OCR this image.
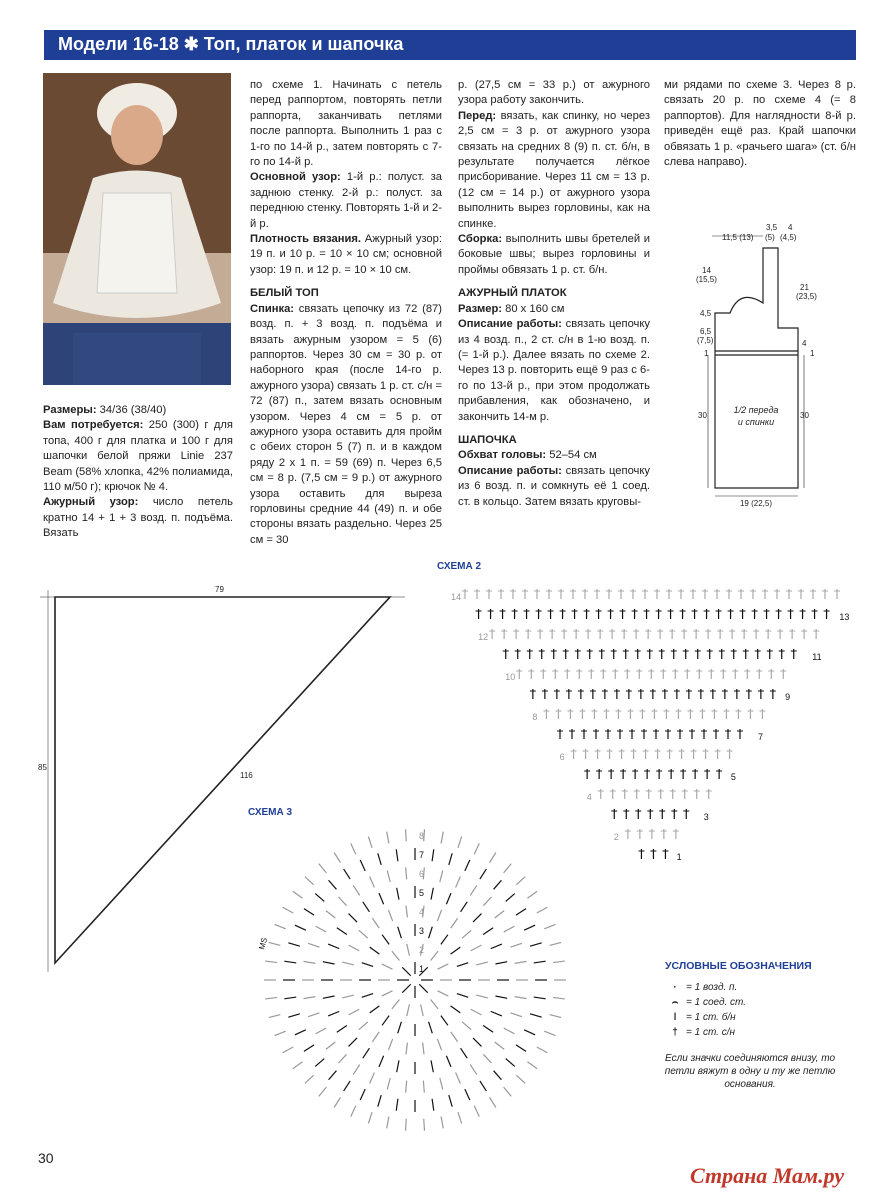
Модели 16-18 ✱ Топ, платок и шапочка

Размеры: 34/36 (38/40)

Вам потребуется: 250 (300) г для топа, 400 г для платка и 100 г для шапочки белой пряжи Linie 237 Beam (58% хлопка, 42% полиамида, 110 м/50 г); крючок № 4.

Ажурный узор: число петель кратно 14 + 1 + 3 возд. п. подъёма. Вязать

по схеме 1. Начинать с петель перед раппортом, повторять петли раппорта, заканчивать петлями после раппорта. Выполнить 1 раз с 1-го по 14-й р., затем повторять с 7-го по 14-й р.

Основной узор: 1-й р.: полуст. за заднюю стенку. 2-й р.: полуст. за переднюю стенку. Повторять 1-й и 2-й р.

Плотность вязания. Ажурный узор: 19 п. и 10 р. = 10 × 10 см; основной узор: 19 п. и 12 р. = 10 × 10 см.

БЕЛЫЙ ТОП

Спинка: связать цепочку из 72 (87) возд. п. + 3 возд. п. подъёма и вязать ажурным узором = 5 (6) раппортов. Через 30 см = 30 р. от наборного края (после 14-го р. ажурного узора) связать 1 р. ст. с/н = 72 (87) п., затем вязать основным узором. Через 4 см = 5 р. от ажурного узора оставить для пройм с обеих сторон 5 (7) п. и в каждом ряду 2 х 1 п. = 59 (69) п. Через 6,5 см = 8 р. (7,5 см = 9 р.) от ажурного узора оставить для выреза горловины средние 44 (49) п. и обе стороны вязать раздельно. Через 25 см = 30

р. (27,5 см = 33 р.) от ажурного узора работу закончить.

Перед: вязать, как спинку, но через 2,5 см = 3 р. от ажурного узора связать на средних 8 (9) п. ст. б/н, в результате получается лёгкое присборивание. Через 11 см = 13 р. (12 см = 14 р.) от ажурного узора выполнить вырез горловины, как на спинке.

Сборка: выполнить швы бретелей и боковые швы; вырез горловины и проймы обвязать 1 р. ст. б/н.

АЖУРНЫЙ ПЛАТОК

Размер: 80 x 160 см

Описание работы: связать цепочку из 4 возд. п., 2 ст. с/н в 1-ю возд. п. (= 1-й р.). Далее вязать по схеме 2. Через 13 р. повторить ещё 9 раз с 6-го по 13-й р., при этом продолжать прибавления, как обозначено, и закончить 14-м р.

ШАПОЧКА

Обхват головы: 52–54 см

Описание работы: связать цепочку из 6 возд. п. и сомкнуть её 1 соед. ст. в кольцо. Затем вязать круговы-

ми рядами по схеме 3. Через 8 р. связать 20 р. по схеме 4 (= 8 раппортов). Для наглядности 8-й р. приведён ещё раз. Край шапочки обвязать 1 р. «рачьего шага» (ст. б/н слева направо).

11,5 (13)
3,5
(5)
4
(4,5)
14
(15,5)
21
(23,5)
4,5
6,5
(7,5)
1
4
1
30	30
1/2 переда
и спинки
19 (22,5)
79
85
116
СХЕМА 2
14
13
12
11
10
9
8
7
6
5
4
3
2
1
СХЕМА 3
1
2
3
4
5
6
7
8
MS
УСЛОВНЫЕ ОБОЗНАЧЕНИЯ
· = 1 возд. п.
⌢ = 1 соед. ст.
ǀ = 1 ст. б/н
† = 1 ст. с/н
Если значки соединяются внизу, то петли вяжут в одну и ту же петлю основания.
30
Страна Мам.ру
